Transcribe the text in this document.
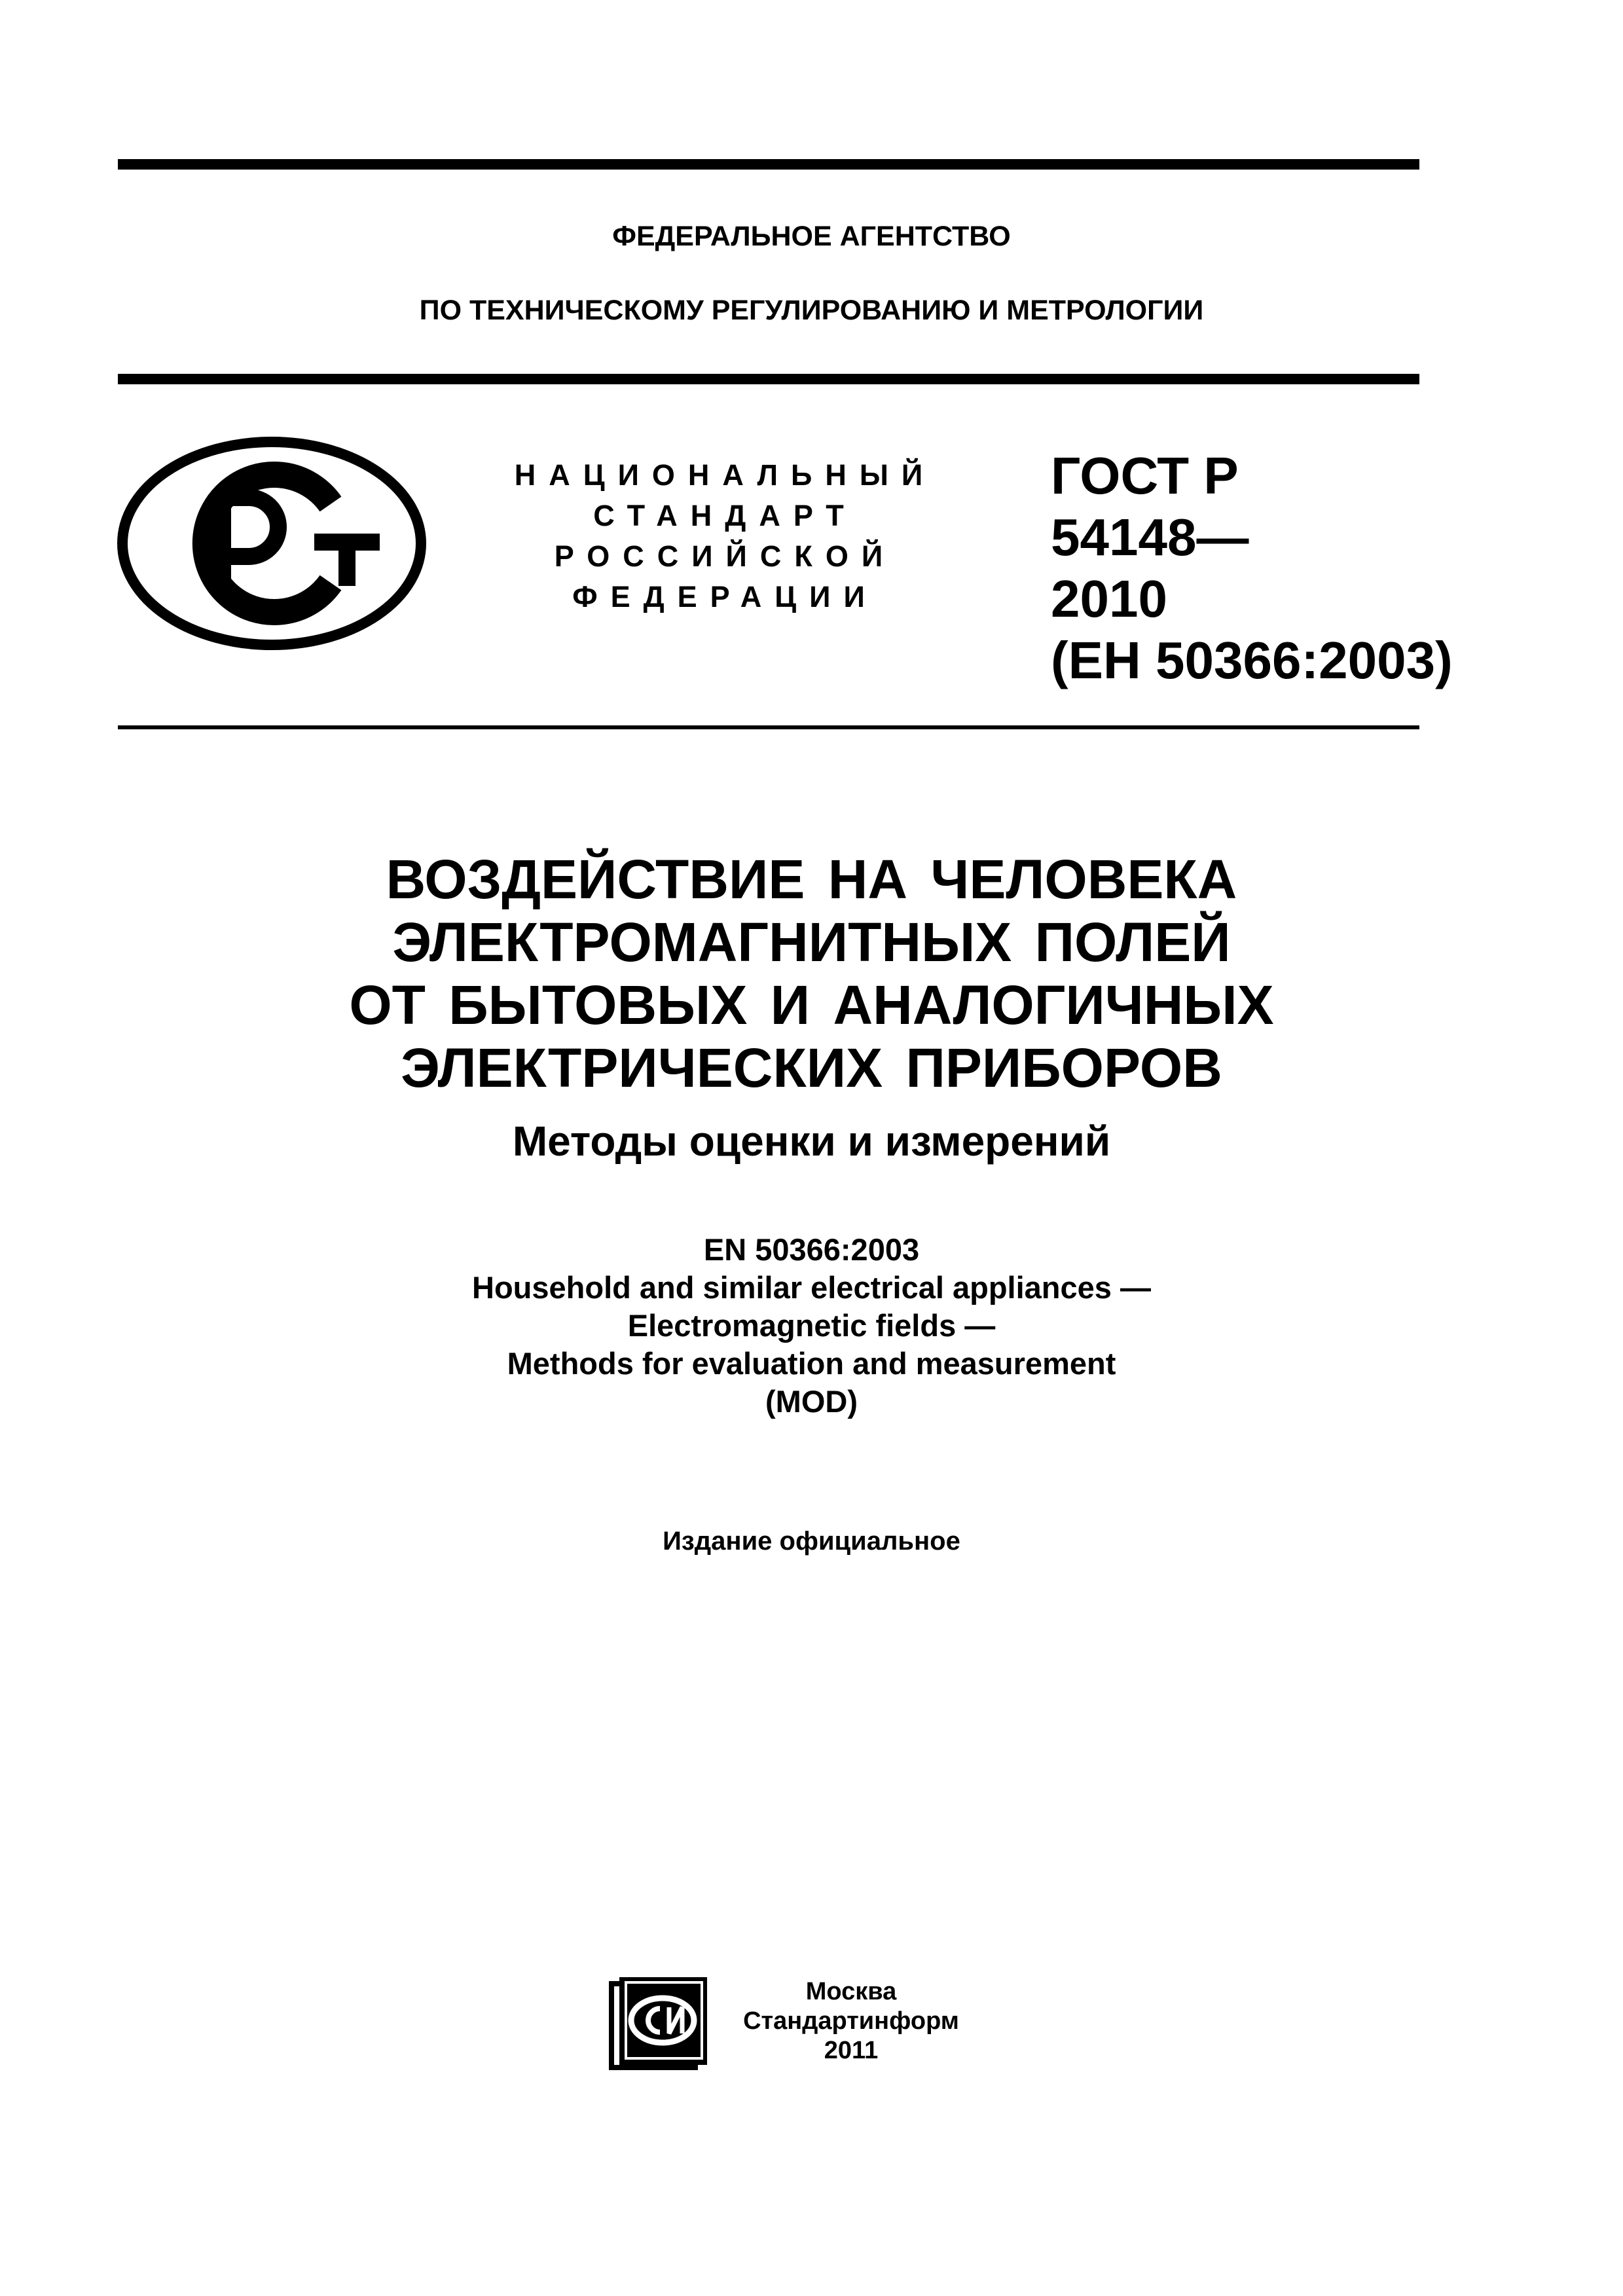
ФЕДЕРАЛЬНОЕ АГЕНТСТВО
ПО ТЕХНИЧЕСКОМУ РЕГУЛИРОВАНИЮ И МЕТРОЛОГИИ
НАЦИОНАЛЬНЫЙ
СТАНДАРТ
РОССИЙСКОЙ
ФЕДЕРАЦИИ
ГОСТ Р
54148—
2010
(ЕН 50366:2003)
ВОЗДЕЙСТВИЕ НА ЧЕЛОВЕКА
ЭЛЕКТРОМАГНИТНЫХ ПОЛЕЙ
ОТ БЫТОВЫХ И АНАЛОГИЧНЫХ
ЭЛЕКТРИЧЕСКИХ ПРИБОРОВ
Методы оценки и измерений
EN 50366:2003
Household and similar electrical appliances —
Electromagnetic fields —
Methods for evaluation and measurement
(MOD)
Издание официальное
Москва
Стандартинформ
2011
